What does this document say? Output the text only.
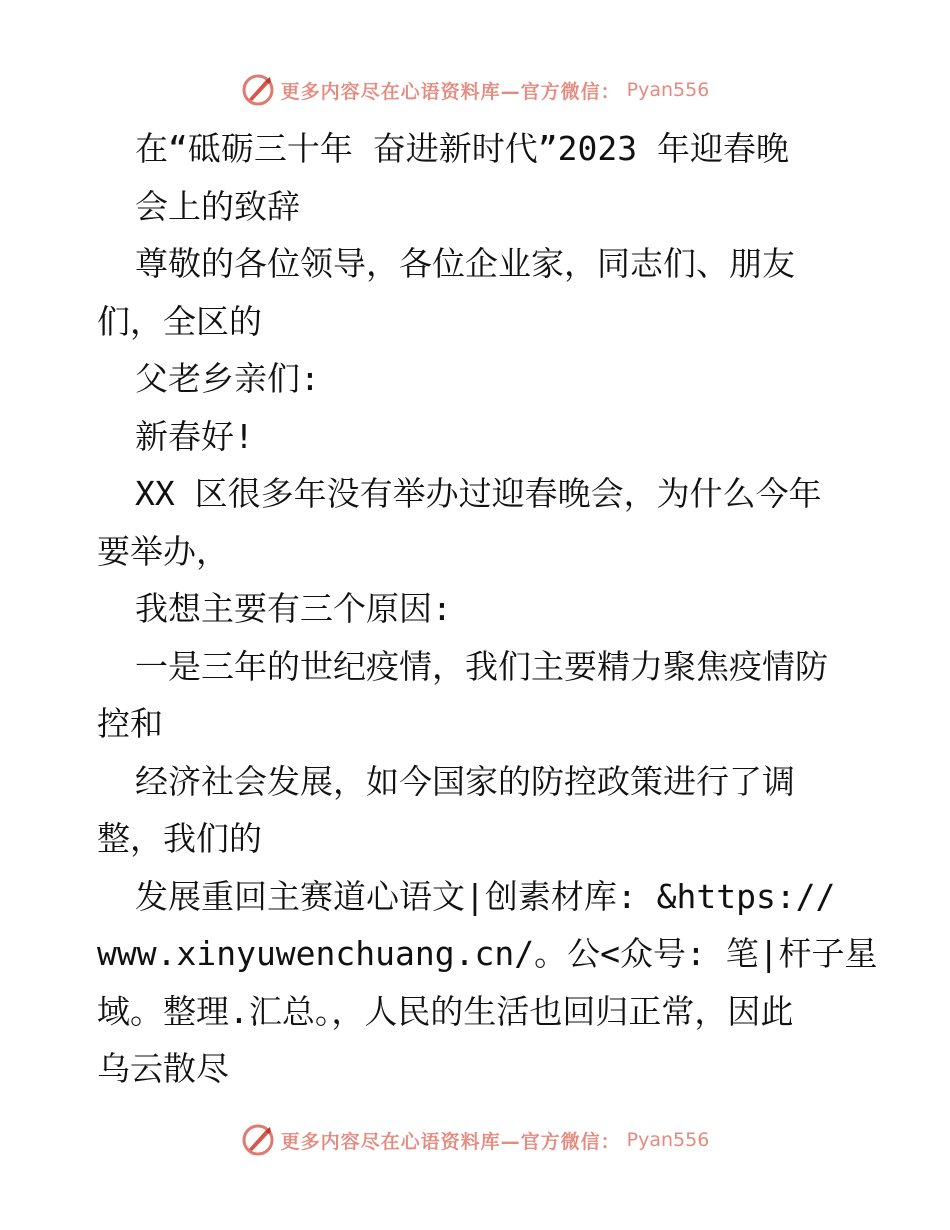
更多内容尽在心语资料库—官方微信： Pyan556
在“砥砺三十年 奋进新时代”2023 年迎春晚
会上的致辞
尊敬的各位领导，各位企业家，同志们、朋友
们，全区的
父老乡亲们:
新春好!
XX 区很多年没有举办过迎春晚会，为什么今年
要举办，
我想主要有三个原因:
一是三年的世纪疫情，我们主要精力聚焦疫情防
控和
经济社会发展，如今国家的防控政策进行了调
整，我们的
发展重回主赛道心语文|创素材库: &https://
www.xinyuwenchuang.cn/。公<众号: 笔|杆子星
域。整理.汇总。，人民的生活也回归正常，因此
乌云散尽
更多内容尽在心语资料库—官方微信： Pyan556
